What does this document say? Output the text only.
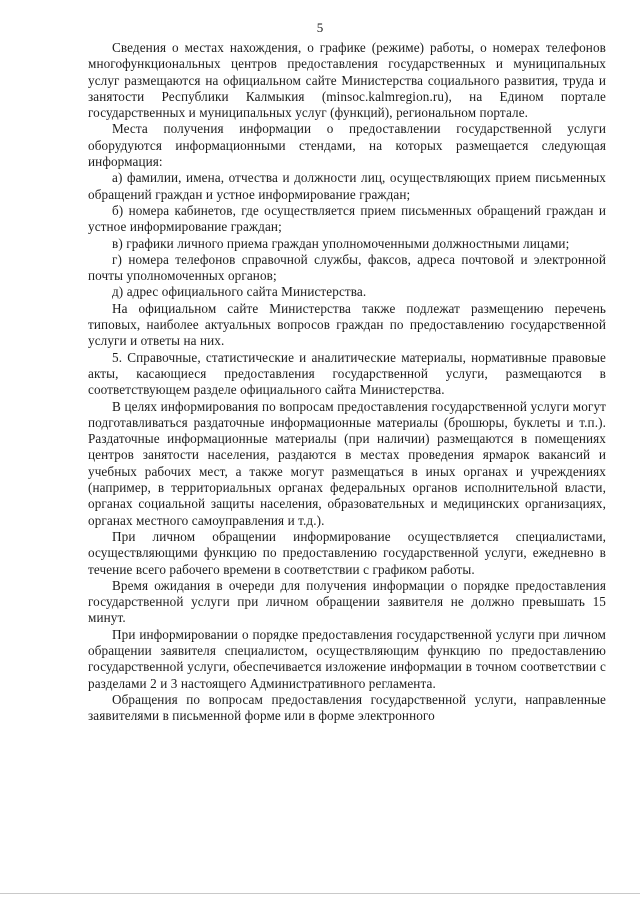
5

Сведения о местах нахождения, о графике (режиме) работы, о номерах телефонов многофункциональных центров предоставления государственных и муниципальных услуг размещаются на официальном сайте Министерства социального развития, труда и занятости Республики Калмыкия (minsoc.kalmregion.ru), на Едином портале государственных и муниципальных услуг (функций), региональном портале.

Места получения информации о предоставлении государственной услуги оборудуются информационными стендами, на которых размещается следующая информация:

а) фамилии, имена, отчества и должности лиц, осуществляющих прием письменных обращений граждан и устное информирование граждан;

б) номера кабинетов, где осуществляется прием письменных обращений граждан и устное информирование граждан;

в) графики личного приема граждан уполномоченными должностными лицами;

г) номера телефонов справочной службы, факсов, адреса почтовой и электронной почты уполномоченных органов;

д) адрес официального сайта Министерства.

На официальном сайте Министерства также подлежат размещению перечень типовых, наиболее актуальных вопросов граждан по предоставлению государственной услуги и ответы на них.

5. Справочные, статистические и аналитические материалы, нормативные правовые акты, касающиеся предоставления государственной услуги, размещаются в соответствующем разделе официального сайта Министерства.

В целях информирования по вопросам предоставления государственной услуги могут подготавливаться раздаточные информационные материалы (брошюры, буклеты и т.п.). Раздаточные информационные материалы (при наличии) размещаются в помещениях центров занятости населения, раздаются в местах проведения ярмарок вакансий и учебных рабочих мест, а также могут размещаться в иных органах и учреждениях (например, в территориальных органах федеральных органов исполнительной власти, органах социальной защиты населения, образовательных и медицинских организациях, органах местного самоуправления и т.д.).

При личном обращении информирование осуществляется специалистами, осуществляющими функцию по предоставлению государственной услуги, ежедневно в течение всего рабочего времени в соответствии с графиком работы.

Время ожидания в очереди для получения информации о порядке предоставления государственной услуги при личном обращении заявителя не должно превышать 15 минут.

При информировании о порядке предоставления государственной услуги при личном обращении заявителя специалистом, осуществляющим функцию по предоставлению государственной услуги, обеспечивается изложение информации в точном соответствии с разделами 2 и 3 настоящего Административного регламента.

Обращения по вопросам предоставления государственной услуги, направленные заявителями в письменной форме или в форме электронного
